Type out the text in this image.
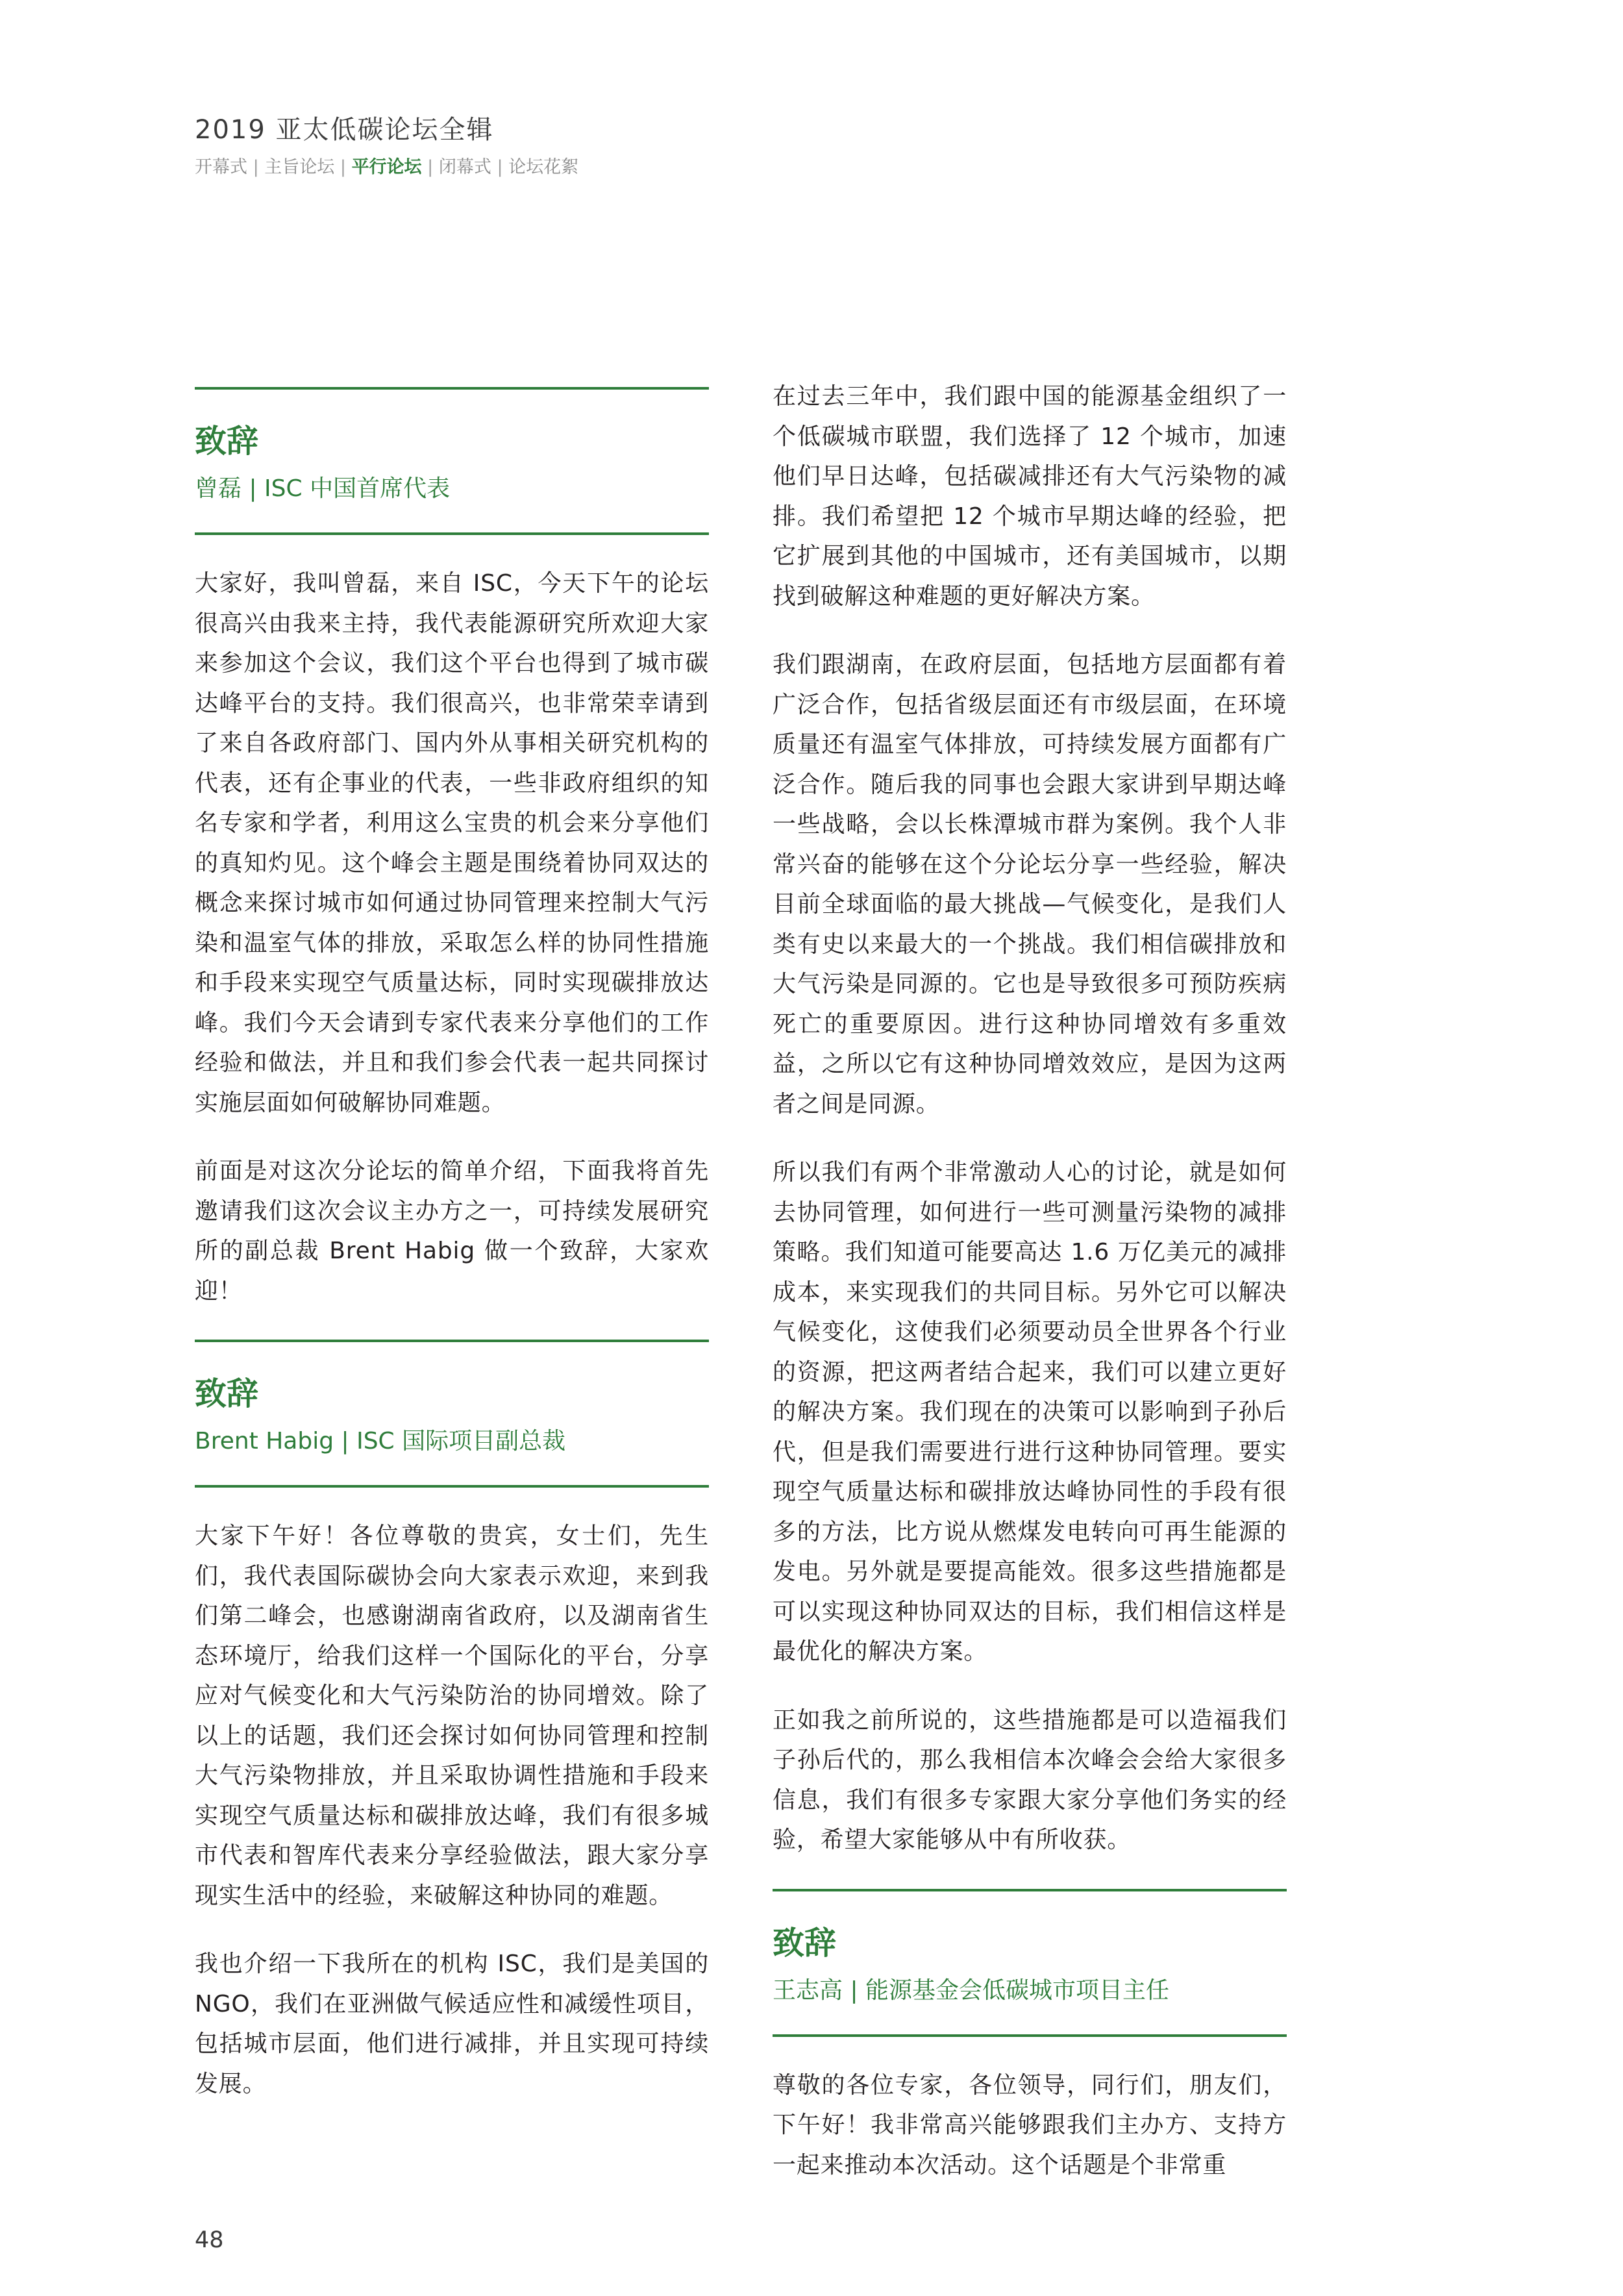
2019 亚太低碳论坛全辑
开幕式 | 主旨论坛 | 平行论坛 | 闭幕式 | 论坛花絮
致辞
曾磊 | ISC 中国首席代表

大家好，我叫曾磊，来自 ISC，今天下午的论坛很高兴由我来主持，我代表能源研究所欢迎大家来参加这个会议，我们这个平台也得到了城市碳达峰平台的支持。我们很高兴，也非常荣幸请到了来自各政府部门、国内外从事相关研究机构的代表，还有企事业的代表，一些非政府组织的知名专家和学者，利用这么宝贵的机会来分享他们的真知灼见。这个峰会主题是围绕着协同双达的概念来探讨城市如何通过协同管理来控制大气污染和温室气体的排放，采取怎么样的协同性措施和手段来实现空气质量达标，同时实现碳排放达峰。我们今天会请到专家代表来分享他们的工作经验和做法，并且和我们参会代表一起共同探讨实施层面如何破解协同难题。

前面是对这次分论坛的简单介绍，下面我将首先邀请我们这次会议主办方之一，可持续发展研究所的副总裁 Brent Habig 做一个致辞，大家欢迎！

致辞
Brent Habig | ISC 国际项目副总裁

大家下午好！各位尊敬的贵宾，女士们，先生们，我代表国际碳协会向大家表示欢迎，来到我们第二峰会，也感谢湖南省政府，以及湖南省生态环境厅，给我们这样一个国际化的平台，分享应对气候变化和大气污染防治的协同增效。除了以上的话题，我们还会探讨如何协同管理和控制大气污染物排放，并且采取协调性措施和手段来实现空气质量达标和碳排放达峰，我们有很多城市代表和智库代表来分享经验做法，跟大家分享现实生活中的经验，来破解这种协同的难题。

我也介绍一下我所在的机构 ISC，我们是美国的 NGO，我们在亚洲做气候适应性和减缓性项目，包括城市层面，他们进行减排，并且实现可持续发展。

在过去三年中，我们跟中国的能源基金组织了一个低碳城市联盟，我们选择了 12 个城市，加速他们早日达峰，包括碳减排还有大气污染物的减排。我们希望把 12 个城市早期达峰的经验，把它扩展到其他的中国城市，还有美国城市，以期找到破解这种难题的更好解决方案。

我们跟湖南，在政府层面，包括地方层面都有着广泛合作，包括省级层面还有市级层面，在环境质量还有温室气体排放，可持续发展方面都有广泛合作。随后我的同事也会跟大家讲到早期达峰一些战略，会以长株潭城市群为案例。我个人非常兴奋的能够在这个分论坛分享一些经验，解决目前全球面临的最大挑战—气候变化，是我们人类有史以来最大的一个挑战。我们相信碳排放和大气污染是同源的。它也是导致很多可预防疾病死亡的重要原因。进行这种协同增效有多重效益，之所以它有这种协同增效效应，是因为这两者之间是同源。

所以我们有两个非常激动人心的讨论，就是如何去协同管理，如何进行一些可测量污染物的减排策略。我们知道可能要高达 1.6 万亿美元的减排成本，来实现我们的共同目标。另外它可以解决气候变化，这使我们必须要动员全世界各个行业的资源，把这两者结合起来，我们可以建立更好的解决方案。我们现在的决策可以影响到子孙后代，但是我们需要进行进行这种协同管理。要实现空气质量达标和碳排放达峰协同性的手段有很多的方法，比方说从燃煤发电转向可再生能源的发电。另外就是要提高能效。很多这些措施都是可以实现这种协同双达的目标，我们相信这样是最优化的解决方案。

正如我之前所说的，这些措施都是可以造福我们子孙后代的，那么我相信本次峰会会给大家很多信息，我们有很多专家跟大家分享他们务实的经验，希望大家能够从中有所收获。

致辞
王志高 | 能源基金会低碳城市项目主任

尊敬的各位专家，各位领导，同行们，朋友们，下午好！我非常高兴能够跟我们主办方、支持方一起来推动本次活动。这个话题是个非常重

48
